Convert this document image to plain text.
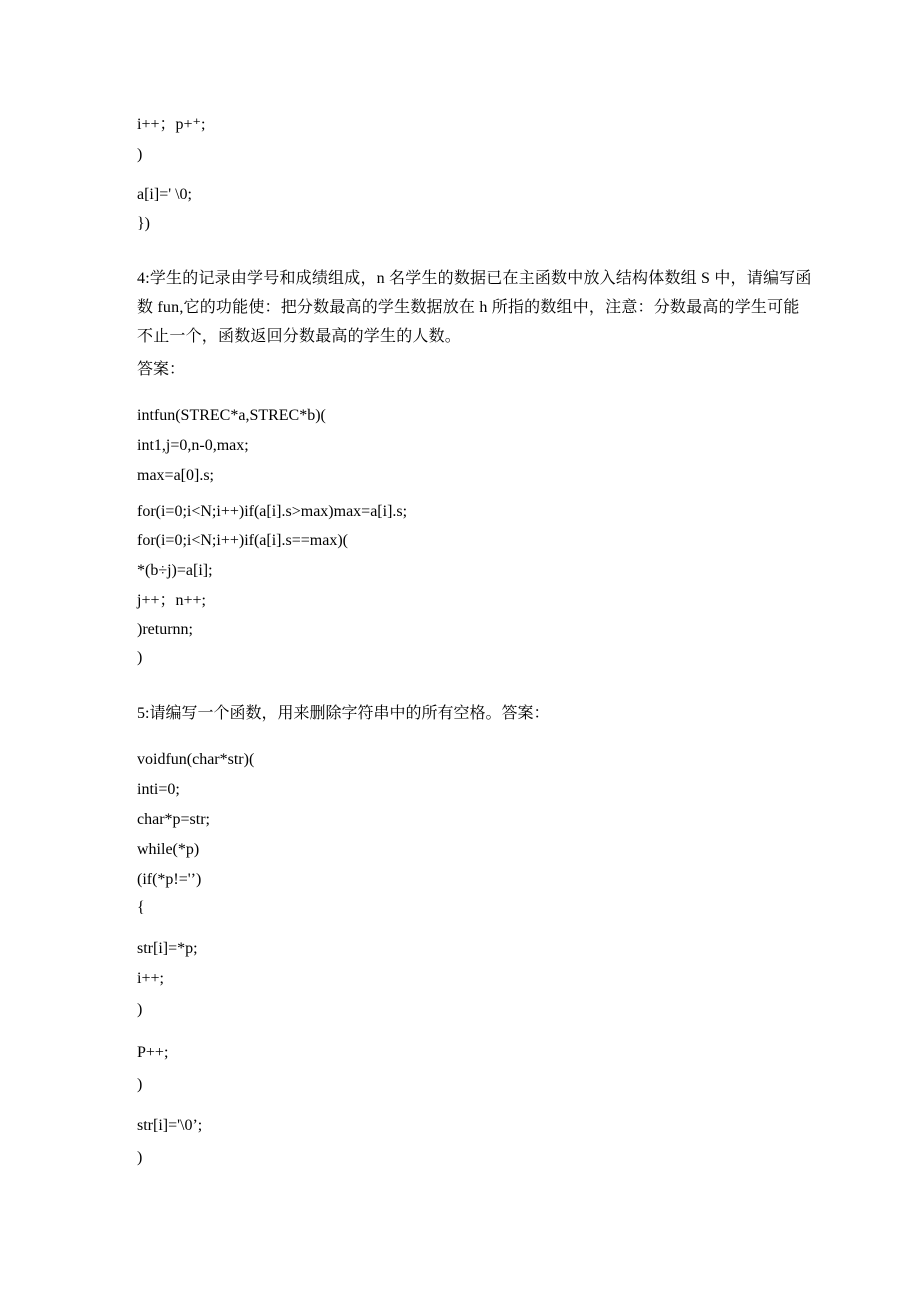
i++；p+⁺;
)
a[i]=' \0;
})
4:学生的记录由学号和成绩组成，n 名学生的数据已在主函数中放入结构体数组 S 中，请编写函
数 fun,它的功能使：把分数最高的学生数据放在 h 所指的数组中，注意：分数最高的学生可能
不止一个，函数返回分数最高的学生的人数。
答案：
intfun(STREC*a,STREC*b)(
int1,j=0,n-0,max;
max=a[0].s;
for(i=0;i<N;i++)if(a[i].s>max)max=a[i].s;
for(i=0;i<N;i++)if(a[i].s==max)(
*(b÷j)=a[i];
j++；n++;
)returnn;
)
5:请编写一个函数，用来删除字符串中的所有空格。答案：
voidfun(char*str)(
inti=0;
char*p=str;
while(*p)
(if(*p!='ʼ)
{
str[i]=*p;
i++;
)
P++;
)
str[i]='\0’;
)
